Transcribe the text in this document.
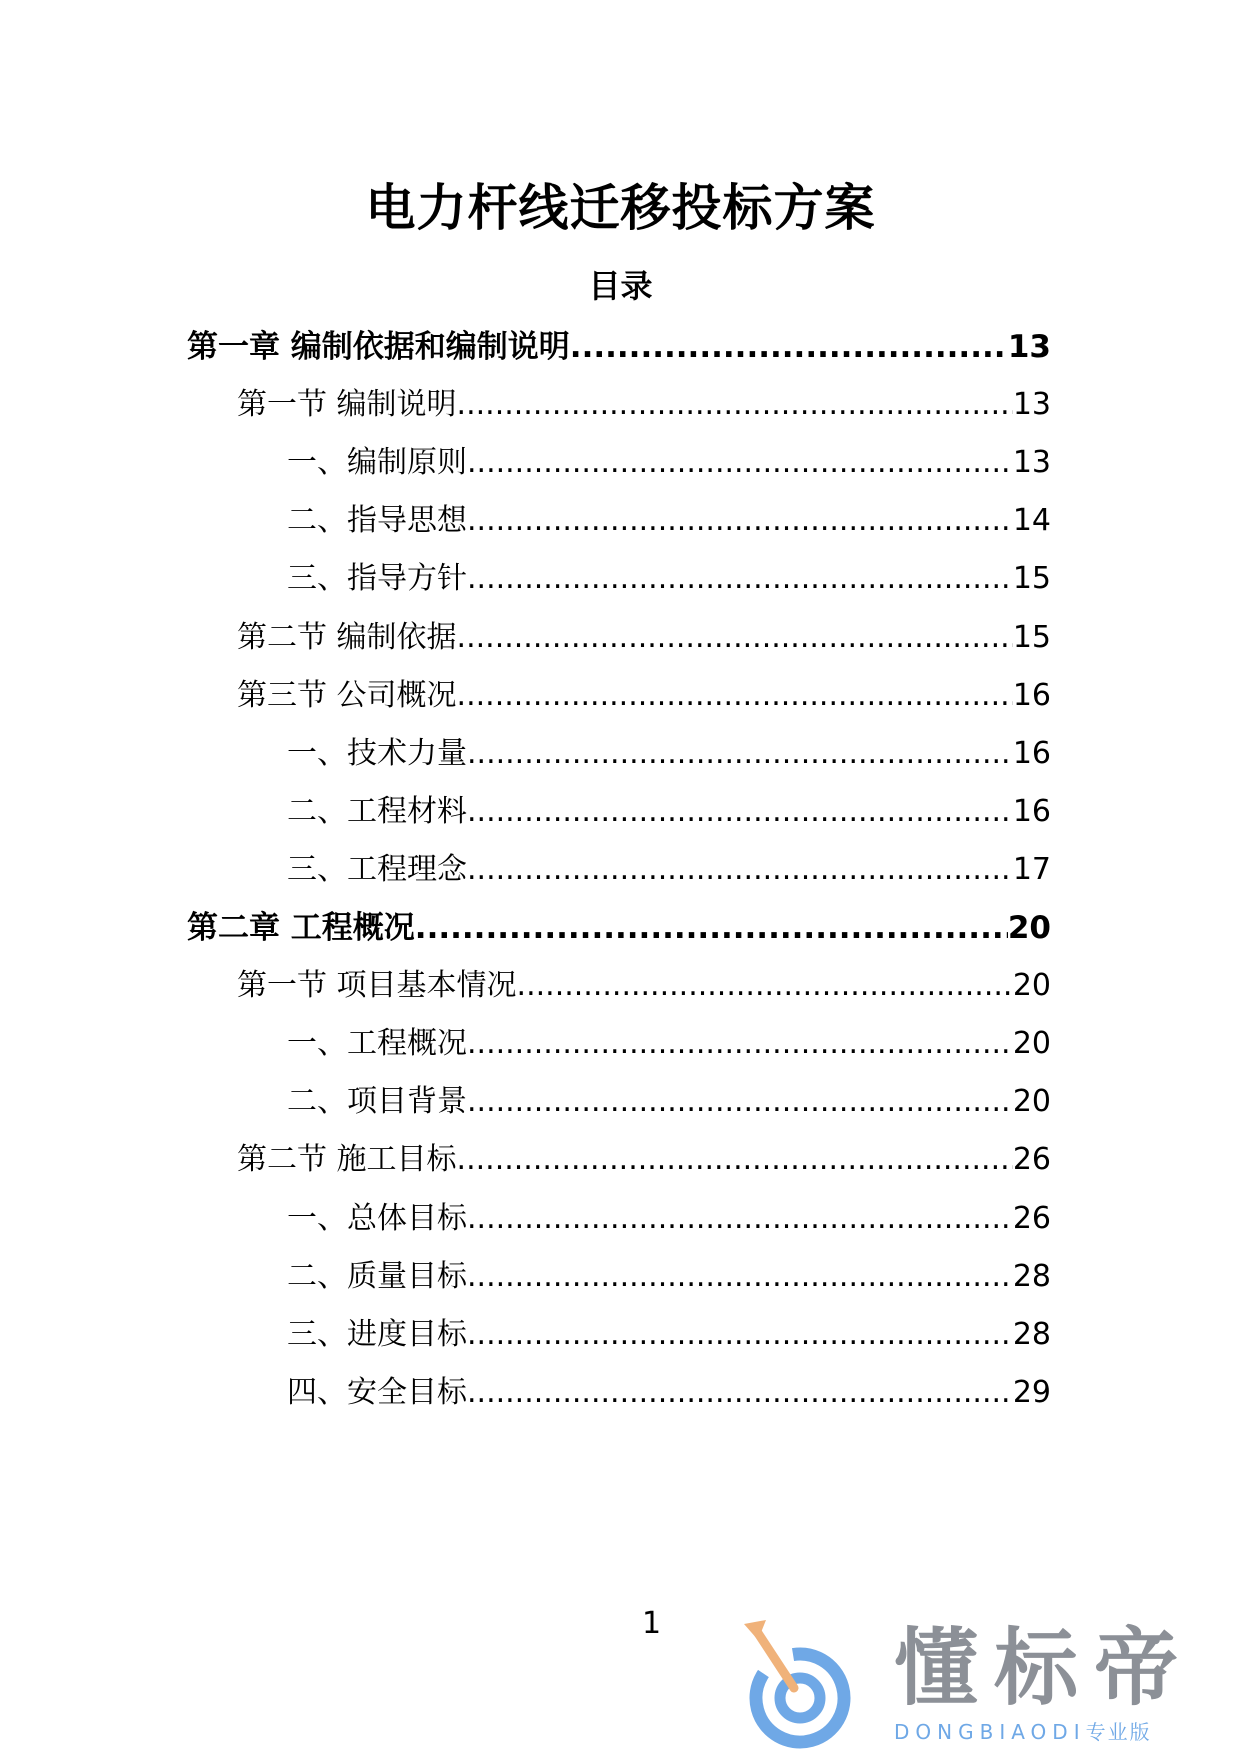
电力杆线迁移投标方案
目录
第一章 编制依据和编制说明 .....	13
第一节 编制说明 .....	13
一、编制原则 .....	13
二、指导思想 .....	14
三、指导方针 .....	15
第二节 编制依据 .....	15
第三节 公司概况 .....	16
一、技术力量 .....	16
二、工程材料 .....	16
三、工程理念 .....	17
第二章 工程概况 .....	20
第一节 项目基本情况 .....	20
一、工程概况 .....	20
二、项目背景 .....	20
第二节 施工目标 .....	26
一、总体目标 .....	26
二、质量目标 .....	28
三、进度目标 .....	28
四、安全目标 .....	29
1	懂标帝
DONGBIAODI专业版
